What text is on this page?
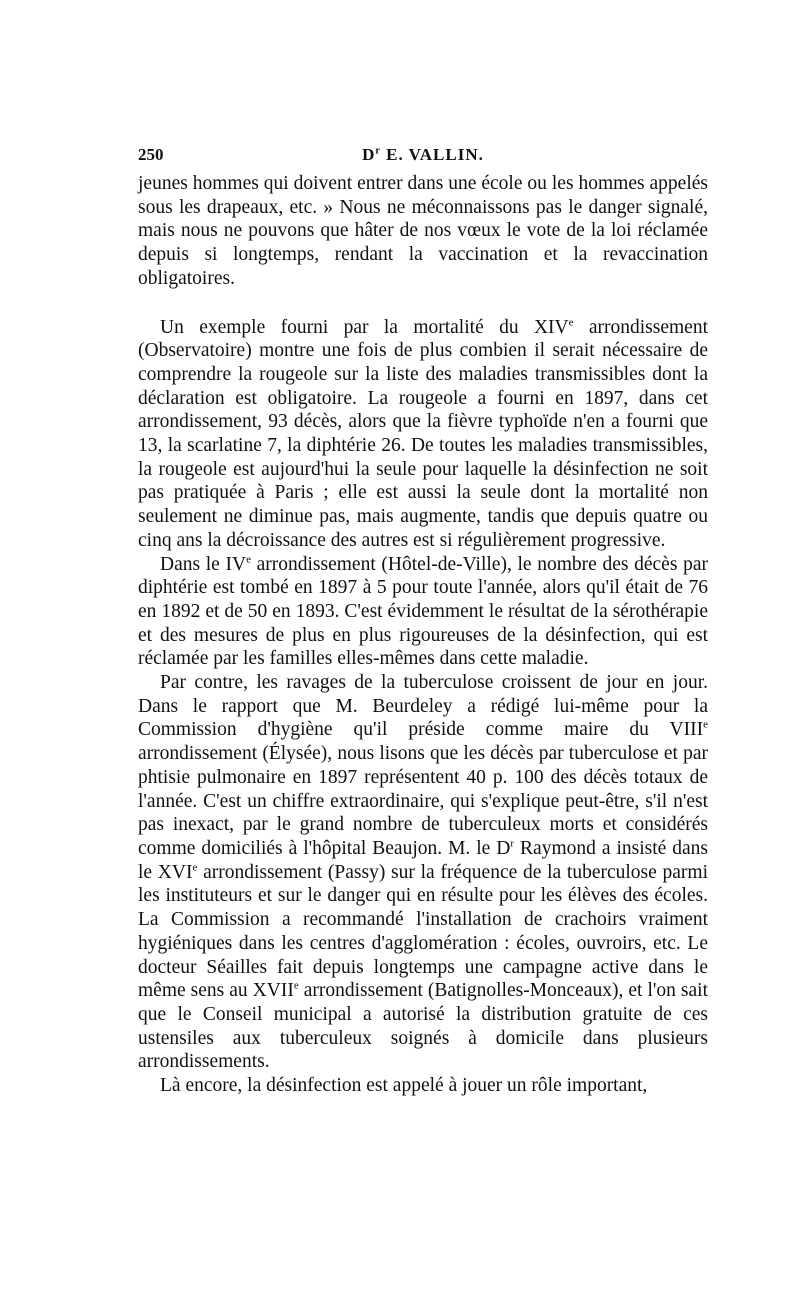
250	$D^r$ E. VALLIN.

jeunes hommes qui doivent entrer dans une école ou les hommes appelés sous les drapeaux, etc. » Nous ne méconnaissons pas le danger signalé, mais nous ne pouvons que hâter de nos vœux le vote de la loi réclamée depuis si longtemps, rendant la vaccination et la revaccination obligatoires.

Un exemple fourni par la mortalité du XIVe arrondissement (Observatoire) montre une fois de plus combien il serait nécessaire de comprendre la rougeole sur la liste des maladies transmissibles dont la déclaration est obligatoire. La rougeole a fourni en 1897, dans cet arrondissement, 93 décès, alors que la fièvre typhoïde n'en a fourni que 13, la scarlatine 7, la diphtérie 26. De toutes les maladies transmissibles, la rougeole est aujourd'hui la seule pour laquelle la désinfection ne soit pas pratiquée à Paris ; elle est aussi la seule dont la mortalité non seulement ne diminue pas, mais augmente, tandis que depuis quatre ou cinq ans la décroissance des autres est si régulièrement progressive.

Dans le IVe arrondissement (Hôtel-de-Ville), le nombre des décès par diphtérie est tombé en 1897 à 5 pour toute l'année, alors qu'il était de 76 en 1892 et de 50 en 1893. C'est évidemment le résultat de la sérothérapie et des mesures de plus en plus rigoureuses de la désinfection, qui est réclamée par les familles elles-mêmes dans cette maladie.

Par contre, les ravages de la tuberculose croissent de jour en jour. Dans le rapport que M. Beurdeley a rédigé lui-même pour la Commission d'hygiène qu'il préside comme maire du VIIIe arrondissement (Élysée), nous lisons que les décès par tuberculose et par phtisie pulmonaire en 1897 représentent 40 p. 100 des décès totaux de l'année. C'est un chiffre extraordinaire, qui s'explique peut-être, s'il n'est pas inexact, par le grand nombre de tuberculeux morts et considérés comme domiciliés à l'hôpital Beaujon. M. le $D^r$ Raymond a insisté dans le XVIe arrondissement (Passy) sur la fréquence de la tuberculose parmi les instituteurs et sur le danger qui en résulte pour les élèves des écoles. La Commission a recommandé l'installation de crachoirs vraiment hygiéniques dans les centres d'agglomération : écoles, ouvroirs, etc. Le docteur Séailles fait depuis longtemps une campagne active dans le même sens au XVIIe arrondissement (Batignolles-Monceaux), et l'on sait que le Conseil municipal a autorisé la distribution gratuite de ces ustensiles aux tuberculeux soignés à domicile dans plusieurs arrondissements.

Là encore, la désinfection est appelé à jouer un rôle important,
